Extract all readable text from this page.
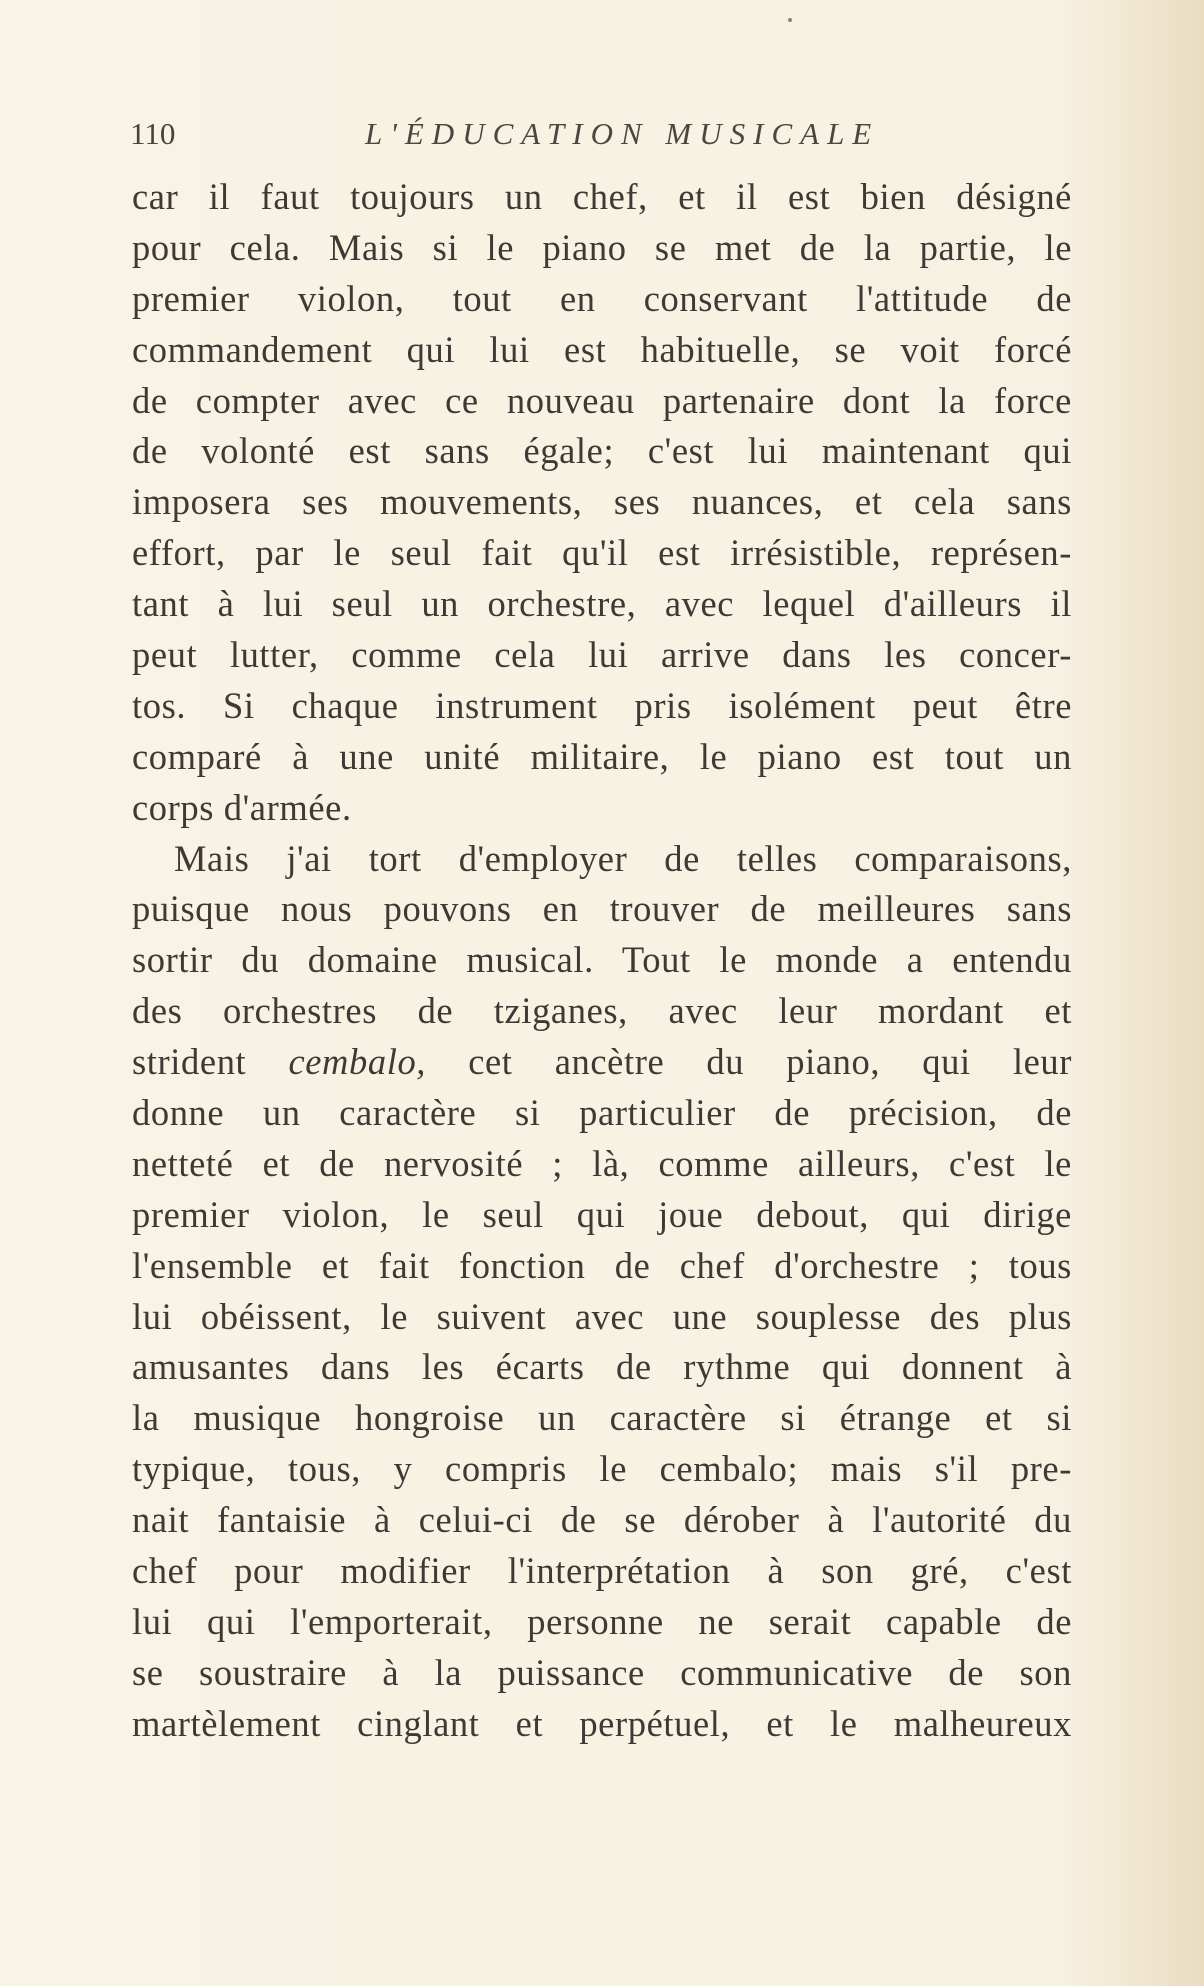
110	L'ÉDUCATION MUSICALE
car il faut toujours un chef, et il est bien désigné
pour cela. Mais si le piano se met de la partie, le
premier violon, tout en conservant l'attitude de
commandement qui lui est habituelle, se voit forcé
de compter avec ce nouveau partenaire dont la force
de volonté est sans égale; c'est lui maintenant qui
imposera ses mouvements, ses nuances, et cela sans
effort, par le seul fait qu'il est irrésistible, représen-
tant à lui seul un orchestre, avec lequel d'ailleurs il
peut lutter, comme cela lui arrive dans les concer-
tos. Si chaque instrument pris isolément peut être
comparé à une unité militaire, le piano est tout un
corps d'armée.
Mais j'ai tort d'employer de telles comparaisons,
puisque nous pouvons en trouver de meilleures sans
sortir du domaine musical. Tout le monde a entendu
des orchestres de tziganes, avec leur mordant et
strident cembalo, cet ancètre du piano, qui leur
donne un caractère si particulier de précision, de
netteté et de nervosité ; là, comme ailleurs, c'est le
premier violon, le seul qui joue debout, qui dirige
l'ensemble et fait fonction de chef d'orchestre ; tous
lui obéissent, le suivent avec une souplesse des plus
amusantes dans les écarts de rythme qui donnent à
la musique hongroise un caractère si étrange et si
typique, tous, y compris le cembalo; mais s'il pre-
nait fantaisie à celui-ci de se dérober à l'autorité du
chef pour modifier l'interprétation à son gré, c'est
lui qui l'emporterait, personne ne serait capable de
se soustraire à la puissance communicative de son
martèlement cinglant et perpétuel, et le malheureux
